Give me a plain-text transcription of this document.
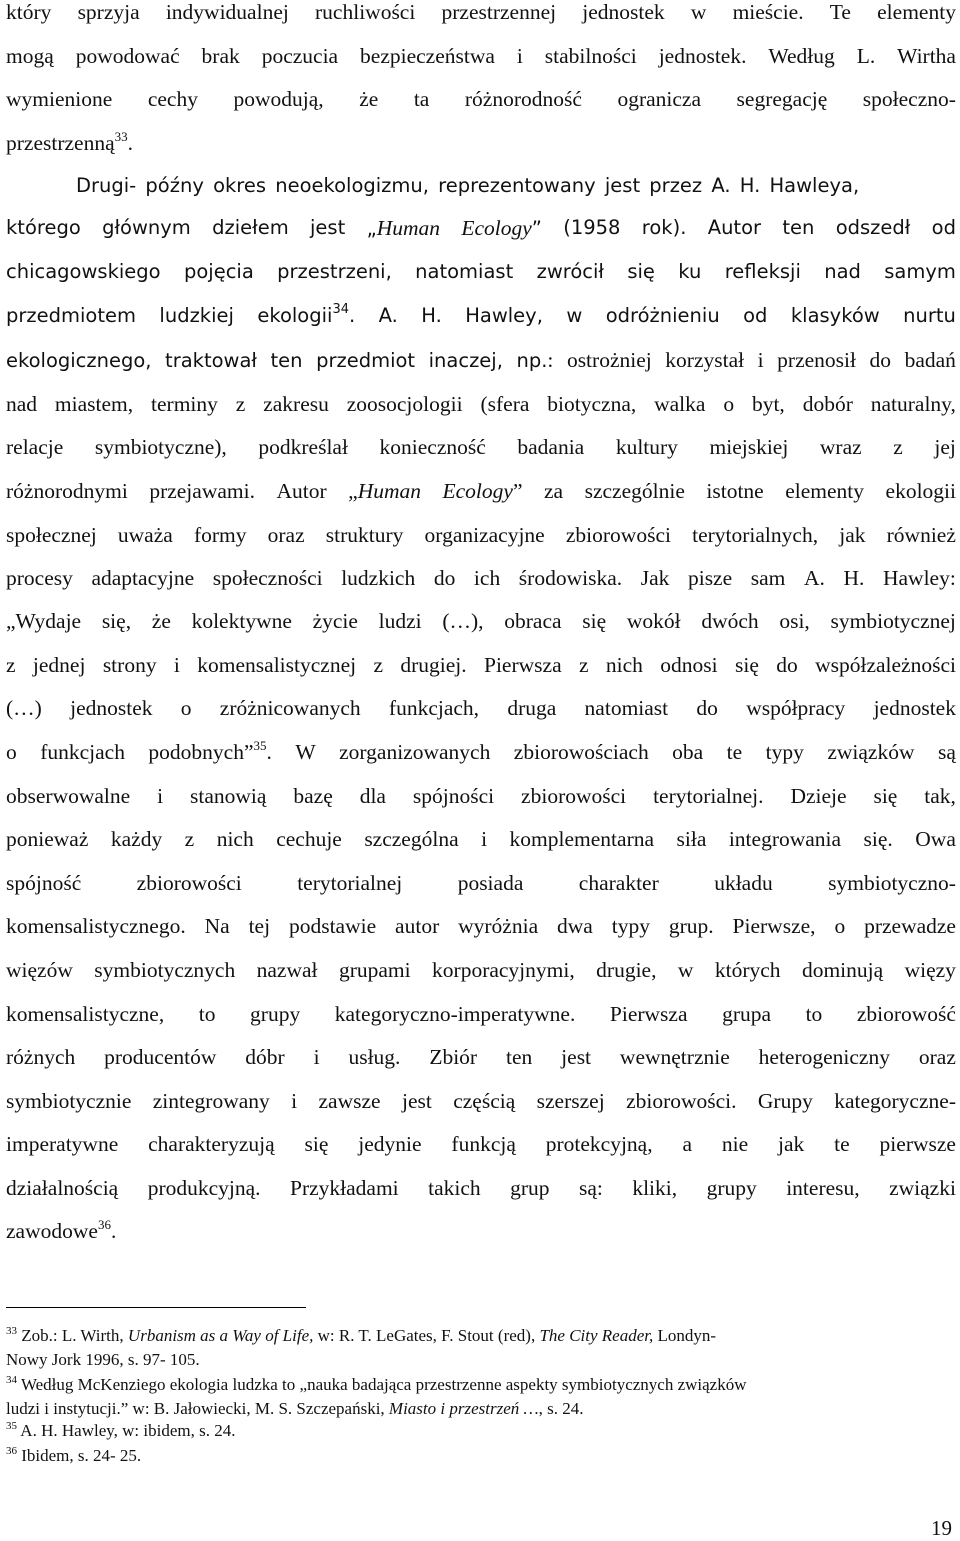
który sprzyja indywidualnej ruchliwości przestrzennej jednostek w mieście. Te elementy
mogą powodować brak poczucia bezpieczeństwa i stabilności jednostek. Według L. Wirtha
wymienione cechy powodują, że ta różnorodność ogranicza segregację społeczno-
przestrzenną$^{33}$.
Drugi- późny okres neoekologizmu, reprezentowany jest przez A. H. Hawleya,
którego głównym dziełem jest „Human Ecology” (1958 rok). Autor ten odszedł od
chicagowskiego pojęcia przestrzeni, natomiast zwrócił się ku refleksji nad samym
przedmiotem ludzkiej ekologii$^{34}$. A. H. Hawley, w odróżnieniu od klasyków nurtu
ekologicznego, traktował ten przedmiot inaczej, np.: ostrożniej korzystał i przenosił do badań
nad miastem, terminy z zakresu zoosocjologii (sfera biotyczna, walka o byt, dobór naturalny,
relacje symbiotyczne), podkreślał konieczność badania kultury miejskiej wraz z jej
różnorodnymi przejawami. Autor „Human Ecology” za szczególnie istotne elementy ekologii
społecznej uważa formy oraz struktury organizacyjne zbiorowości terytorialnych, jak również
procesy adaptacyjne społeczności ludzkich do ich środowiska. Jak pisze sam A. H. Hawley:
„Wydaje się, że kolektywne życie ludzi (…), obraca się wokół dwóch osi, symbiotycznej
z jednej strony i komensalistycznej z drugiej. Pierwsza z nich odnosi się do współzależności
(…) jednostek o zróżnicowanych funkcjach, druga natomiast do współpracy jednostek
o funkcjach podobnych”$^{35}$. W zorganizowanych zbiorowościach oba te typy związków są
obserwowalne i stanowią bazę dla spójności zbiorowości terytorialnej. Dzieje się tak,
ponieważ każdy z nich cechuje szczególna i komplementarna siła integrowania się. Owa
spójność	zbiorowości	terytorialnej	posiada	charakter	układu	symbiotyczno-
komensalistycznego. Na tej podstawie autor wyróżnia dwa typy grup. Pierwsze, o przewadze
więzów symbiotycznych nazwał grupami korporacyjnymi, drugie, w których dominują więzy
komensalistyczne, to grupy kategoryczno-imperatywne. Pierwsza grupa to zbiorowość
różnych producentów dóbr i usług. Zbiór ten jest wewnętrznie heterogeniczny oraz
symbiotycznie zintegrowany i zawsze jest częścią szerszej zbiorowości. Grupy kategoryczne-
imperatywne charakteryzują się jedynie funkcją protekcyjną, a nie jak te pierwsze
działalnością produkcyjną. Przykładami takich grup są: kliki, grupy interesu, związki
zawodowe$^{36}$.
$^{33}$ Zob.: L. Wirth, Urbanism as a Way of Life, w: R. T. LeGates, F. Stout (red), The City Reader, Londyn-
Nowy Jork 1996, s. 97- 105.
$^{34}$ Według McKenziego ekologia ludzka to „nauka badająca przestrzenne aspekty symbiotycznych związków
ludzi i instytucji.” w: B. Jałowiecki, M. S. Szczepański, Miasto i przestrzeń …, s. 24.
$^{35}$ A. H. Hawley, w: ibidem, s. 24.
$^{36}$ Ibidem, s. 24- 25.
19
